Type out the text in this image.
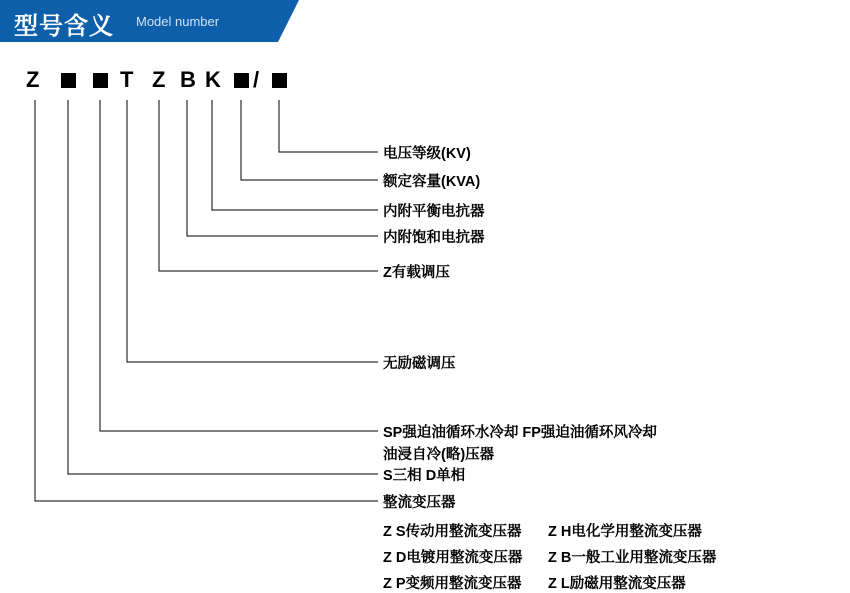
型号含义 Model number
Z	T Z B K /
电压等级(KV)
额定容量(KVA)
内附平衡电抗器
内附饱和电抗器
Z有载调压
无励磁调压
SP强迫油循环水冷却 FP强迫油循环风冷却
油浸自冷(略)压器
S三相 D单相
整流变压器
Z S传动用整流变压器 Z H电化学用整流变压器
Z D电镀用整流变压器 Z B一般工业用整流变压器
Z P变频用整流变压器 Z L励磁用整流变压器
